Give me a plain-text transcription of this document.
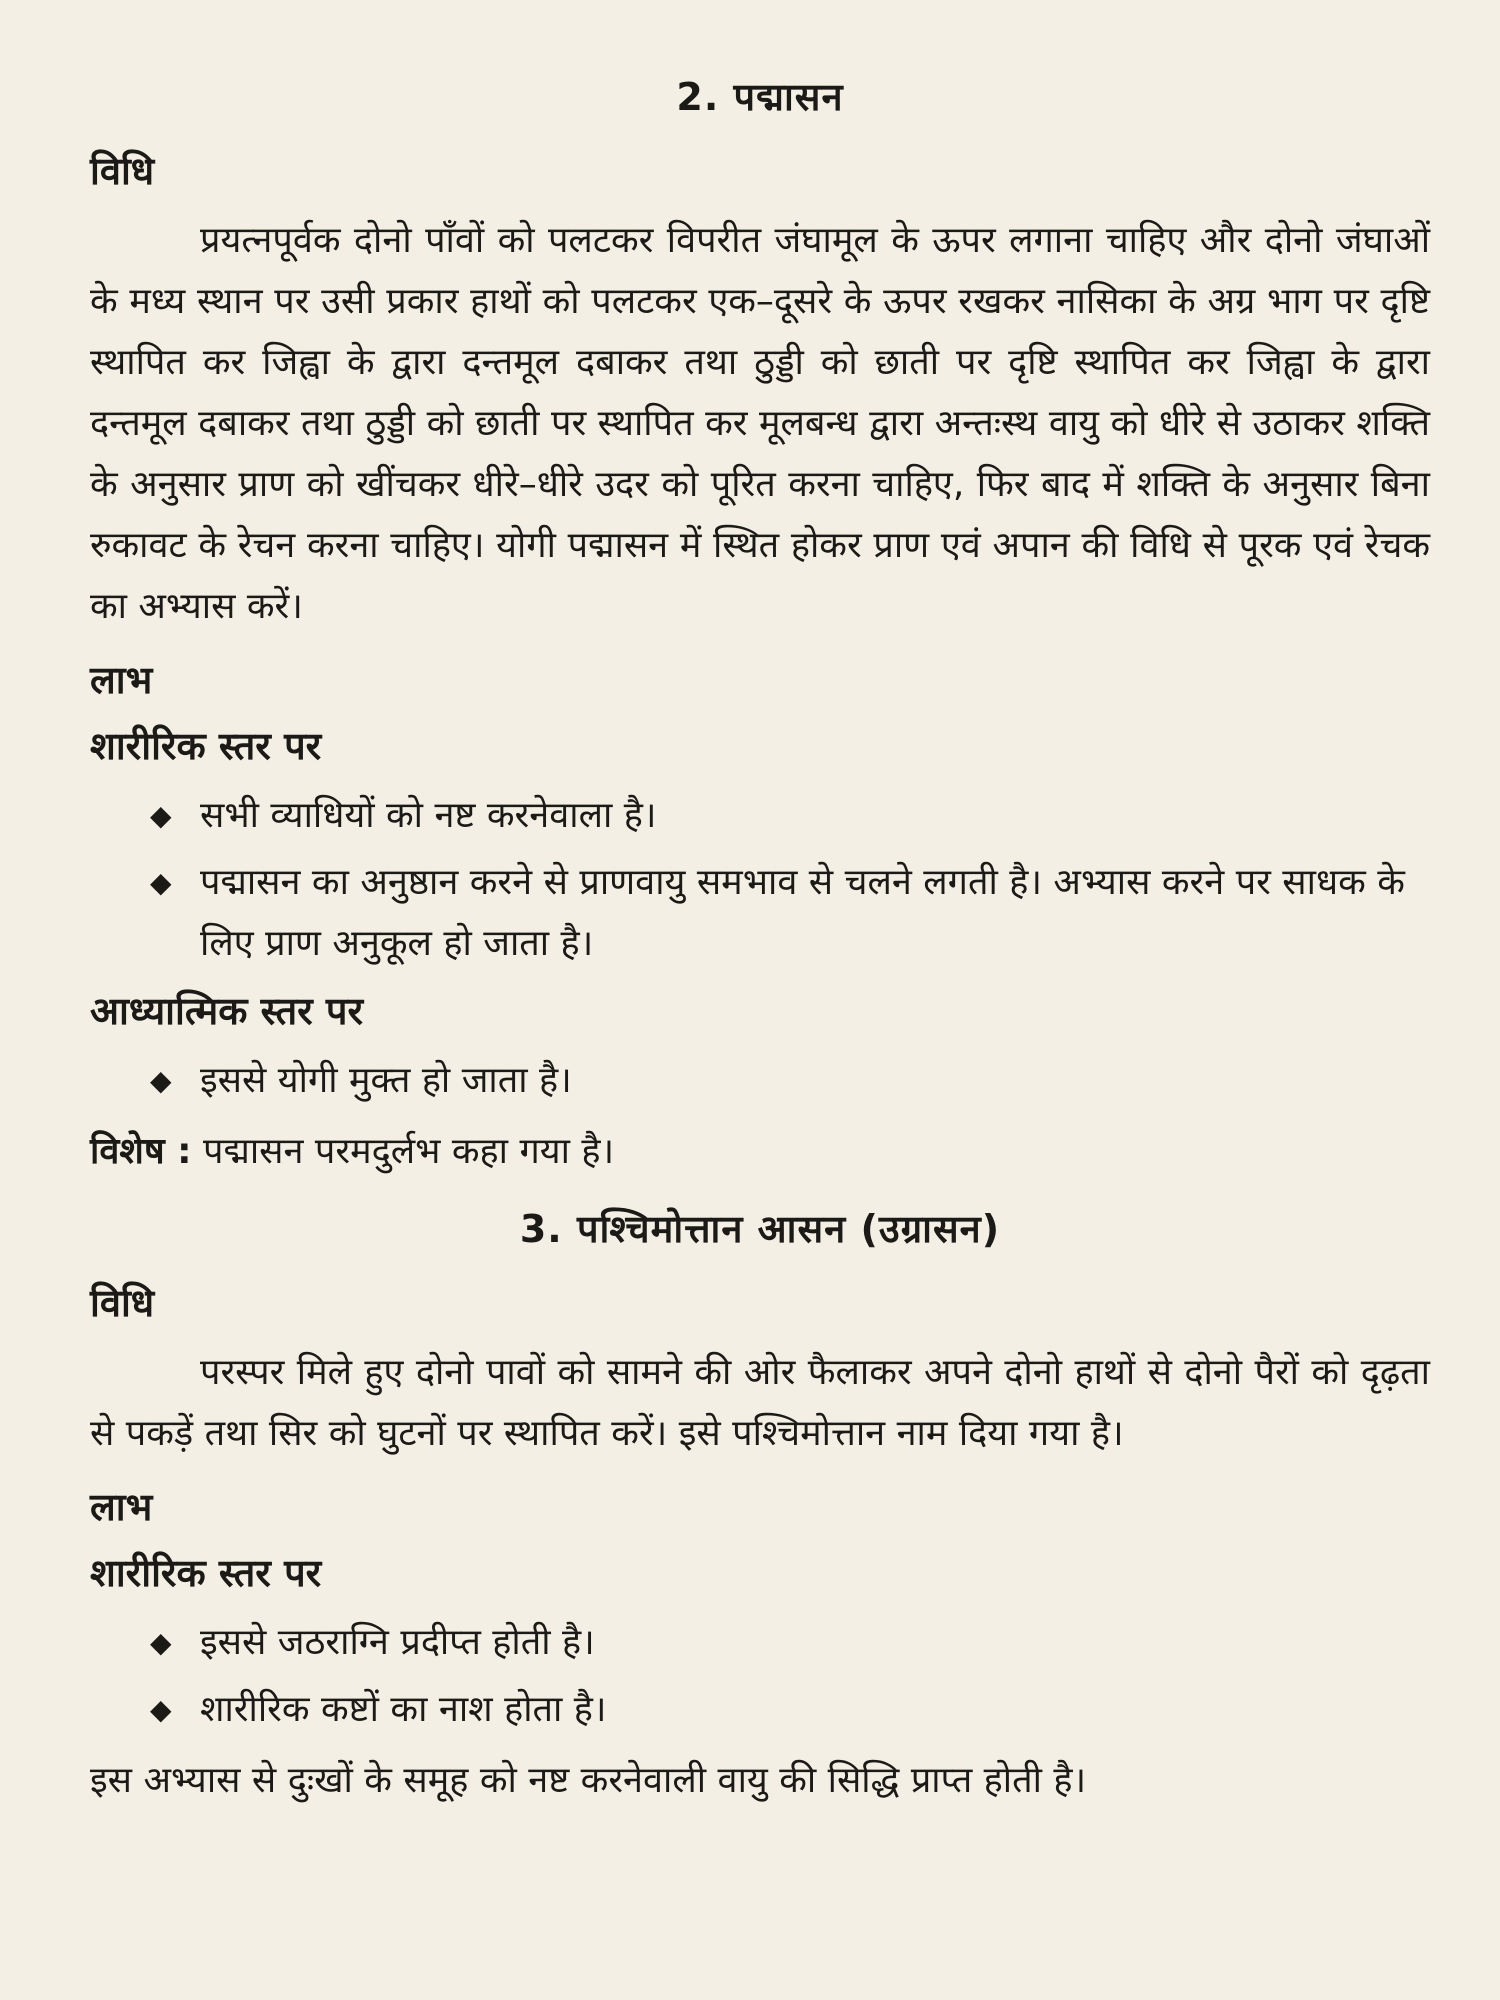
2. पद्मासन
विधि

प्रयत्नपूर्वक दोनो पाँवों को पलटकर विपरीत जंघामूल के ऊपर लगाना चाहिए और दोनो जंघाओं के मध्य स्थान पर उसी प्रकार हाथों को पलटकर एक–दूसरे के ऊपर रखकर नासिका के अग्र भाग पर दृष्टि स्थापित कर जिह्वा के द्वारा दन्तमूल दबाकर तथा ठुड्डी को छाती पर दृष्टि स्थापित कर जिह्वा के द्वारा दन्तमूल दबाकर तथा ठुड्डी को छाती पर स्थापित कर मूलबन्ध द्वारा अन्तःस्थ वायु को धीरे से उठाकर शक्ति के अनुसार प्राण को खींचकर धीरे–धीरे उदर को पूरित करना चाहिए, फिर बाद में शक्ति के अनुसार बिना रुकावट के रेचन करना चाहिए। योगी पद्मासन में स्थित होकर प्राण एवं अपान की विधि से पूरक एवं रेचक का अभ्यास करें।

लाभ
शारीरिक स्तर पर
◆ सभी व्याधियों को नष्ट करनेवाला है।
◆ पद्मासन का अनुष्ठान करने से प्राणवायु समभाव से चलने लगती है। अभ्यास करने पर साधक के लिए प्राण अनुकूल हो जाता है।
आध्यात्मिक स्तर पर
◆ इससे योगी मुक्त हो जाता है।
विशेष : पद्मासन परमदुर्लभ कहा गया है।
3. पश्चिमोत्तान आसन (उग्रासन)
विधि

परस्पर मिले हुए दोनो पावों को सामने की ओर फैलाकर अपने दोनो हाथों से दोनो पैरों को दृढ़ता से पकड़ें तथा सिर को घुटनों पर स्थापित करें। इसे पश्चिमोत्तान नाम दिया गया है।

लाभ
शारीरिक स्तर पर
◆ इससे जठराग्नि प्रदीप्त होती है।
◆ शारीरिक कष्टों का नाश होता है।

इस अभ्यास से दुःखों के समूह को नष्ट करनेवाली वायु की सिद्धि प्राप्त होती है।
